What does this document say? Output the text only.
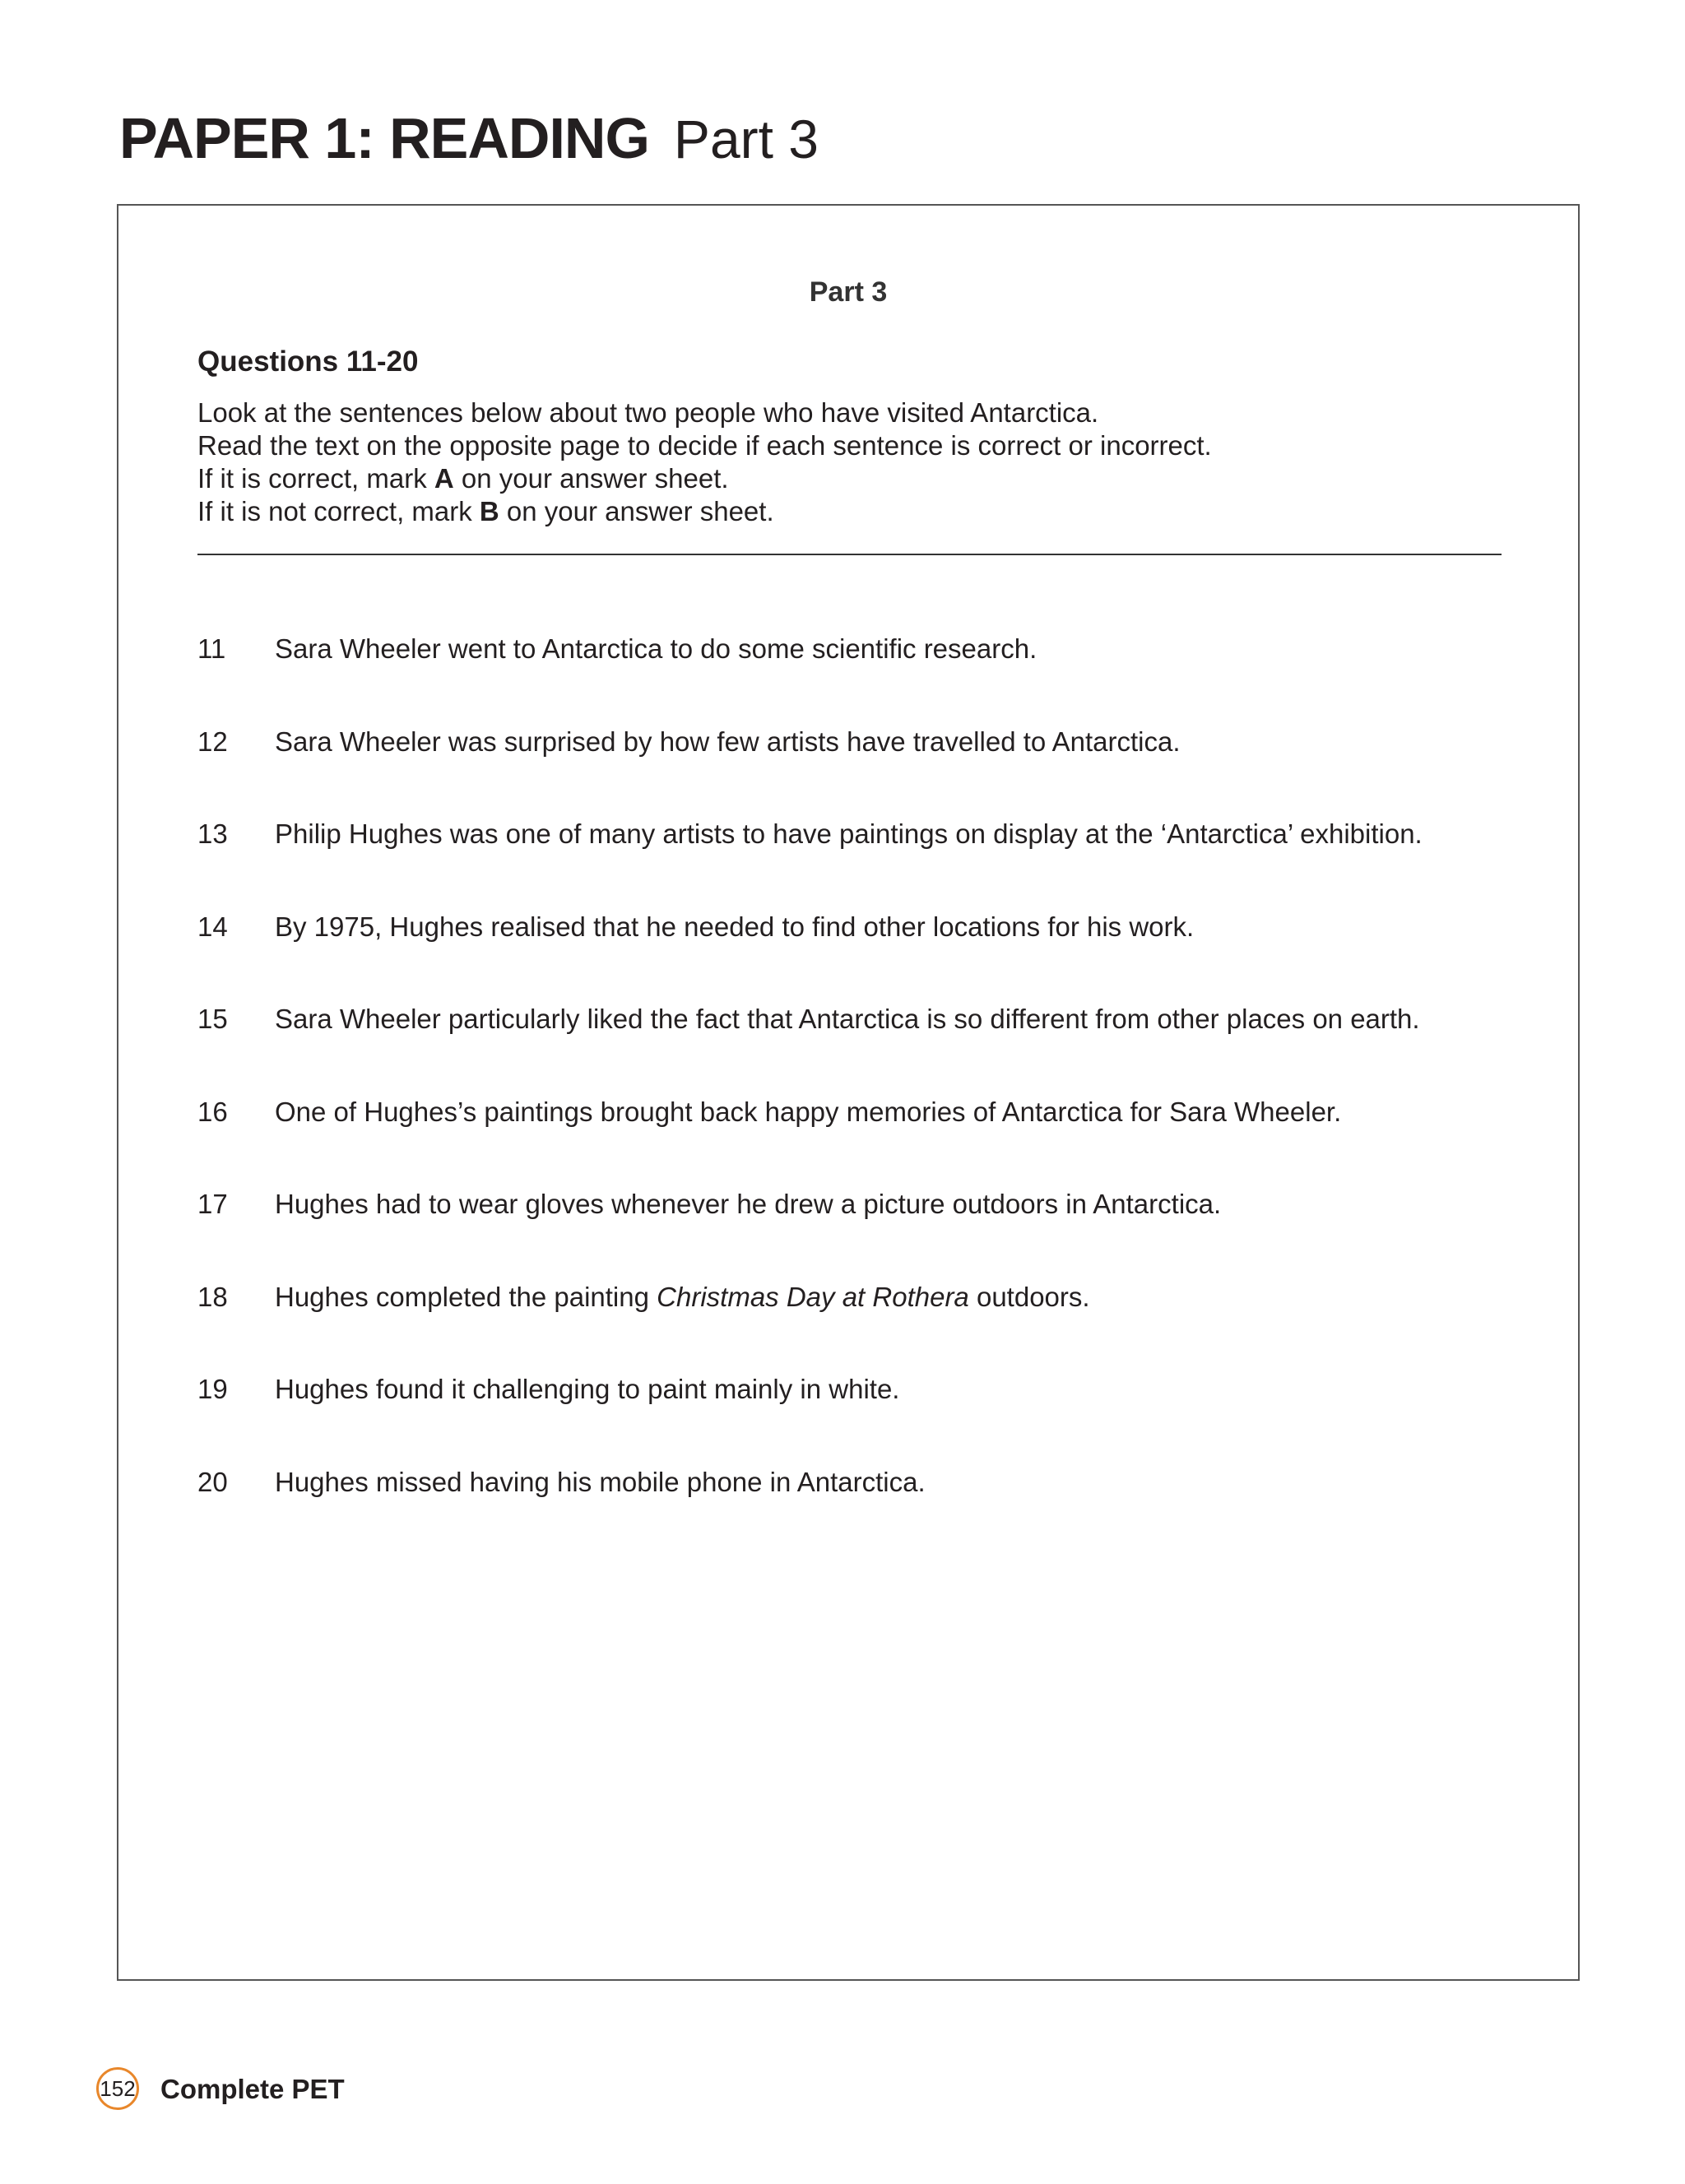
PAPER 1: READING Part 3
Part 3
Questions 11-20
Look at the sentences below about two people who have visited Antarctica.
Read the text on the opposite page to decide if each sentence is correct or incorrect.
If it is correct, mark A on your answer sheet.
If it is not correct, mark B on your answer sheet.
11	Sara Wheeler went to Antarctica to do some scientific research.
12	Sara Wheeler was surprised by how few artists have travelled to Antarctica.
13	Philip Hughes was one of many artists to have paintings on display at the ‘Antarctica’ exhibition.
14	By 1975, Hughes realised that he needed to find other locations for his work.
15	Sara Wheeler particularly liked the fact that Antarctica is so different from other places on earth.
16	One of Hughes’s paintings brought back happy memories of Antarctica for Sara Wheeler.
17	Hughes had to wear gloves whenever he drew a picture outdoors in Antarctica.
18	Hughes completed the painting Christmas Day at Rothera outdoors.
19	Hughes found it challenging to paint mainly in white.
20	Hughes missed having his mobile phone in Antarctica.
152 Complete PET
